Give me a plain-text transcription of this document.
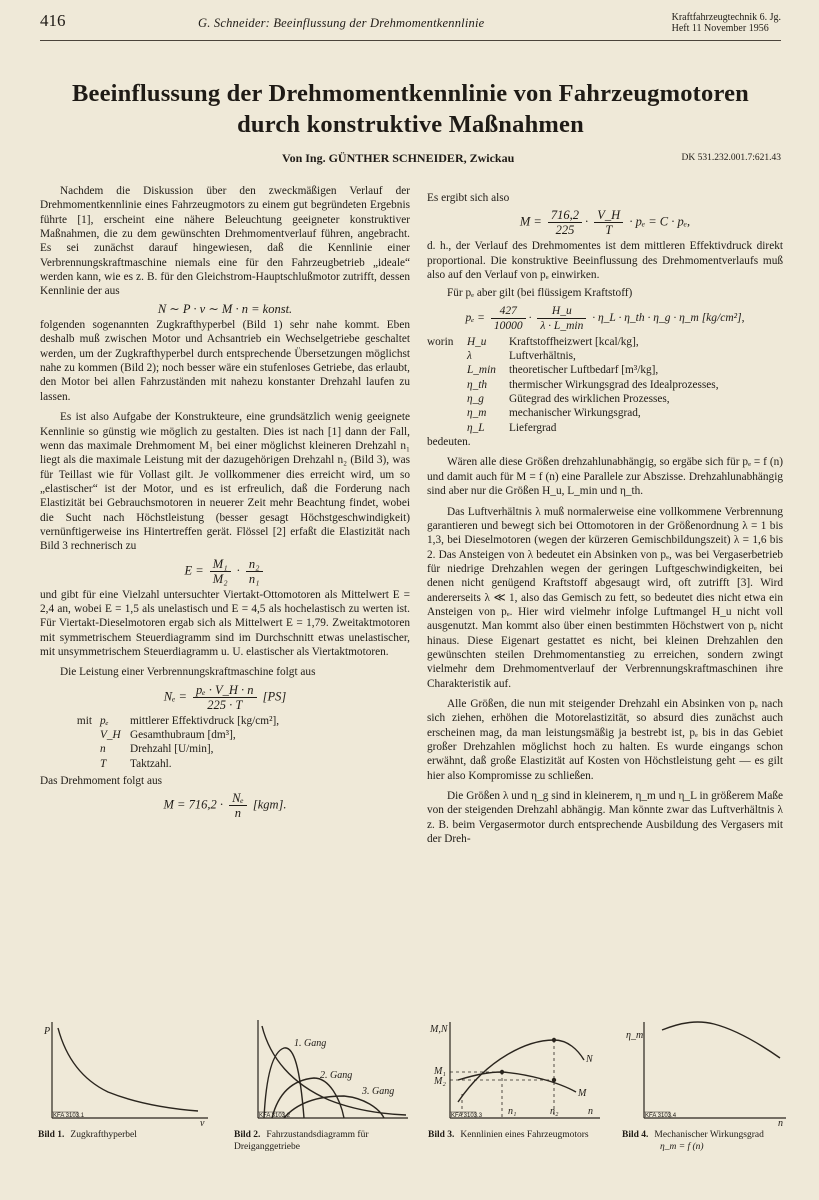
416	G. Schneider: Beeinflussung der Drehmomentkennlinie	Kraftfahrzeugtechnik 6. Jg.
Heft 11 November 1956
Beeinflussung der Drehmomentkennlinie von Fahrzeugmotoren
durch konstruktive Maßnahmen
Von Ing. GÜNTHER SCHNEIDER, Zwickau	DK 531.232.001.7:621.43

Nachdem die Diskussion über den zweckmäßigen Verlauf der Drehmomentkennlinie eines Fahrzeugmotors zu einem gut begründeten Ergebnis führte [1], erscheint eine nähere Beleuchtung geeigneter konstruktiver Maßnahmen, die zu dem gewünschten Drehmomentverlauf führen, angebracht. Es sei zunächst darauf hingewiesen, daß die Kennlinie einer Verbrennungskraftmaschine niemals eine für den Fahrzeugbetrieb „ideale“ werden kann, wie es z. B. für den Gleichstrom-Hauptschlußmotor zutrifft, dessen Kennlinie der aus

N ∼ P · v ∼ M · n = konst.

folgenden sogenannten Zugkrafthyperbel (Bild 1) sehr nahe kommt. Eben deshalb muß zwischen Motor und Achsantrieb ein Wechselgetriebe geschaltet werden, um der Zugkrafthyperbel durch entsprechende Übersetzungen möglichst nahe zu kommen (Bild 2); noch besser wäre ein stufenloses Getriebe, das erlaubt, den Motor bei allen Fahrzuständen mit nahezu konstanter Drehzahl laufen zu lassen.

Es ist also Aufgabe der Konstrukteure, eine grundsätzlich wenig geeignete Kennlinie so günstig wie möglich zu gestalten. Dies ist nach [1] dann der Fall, wenn das maximale Drehmoment M₁ bei einer möglichst kleineren Drehzahl n₁ liegt als die maximale Leistung mit der dazugehörigen Drehzahl n₂ (Bild 3), was für Teillast wie für Vollast gilt. Je vollkommener dies erreicht wird, um so „elastischer“ ist der Motor, und es ist erfreulich, daß die Forderung nach Elastizität bei Gebrauchsmotoren in neuerer Zeit mehr Beachtung findet, wobei die Sucht nach Höchstleistung (besser gesagt Höchstgeschwindigkeit) vernünftigerweise ins Hintertreffen gerät. Flössel [2] erfaßt die Elastizität nach Bild 3 rechnerisch zu

$E = \frac{\text{M₁}}{\text{M₂}} \cdot \frac{\text{n₂}}{\text{n₁}}$

und gibt für eine Vielzahl untersuchter Viertakt-Ottomotoren als Mittelwert E = 2,4 an, wobei E = 1,5 als unelastisch und E = 4,5 als hochelastisch zu werten ist. Für Viertakt-Dieselmotoren ergab sich als Mittelwert E = 1,79. Zweitaktmotoren mit symmetrischem Steuerdiagramm sind im Durchschnitt etwas unelastischer, mit unsymmetrischem Steuerdiagramm u. U. elastischer als Viertaktmotoren.

Die Leistung einer Verbrennungskraftmaschine folgt aus

$N_e = \frac{\text{pₑ · V\_H · n}}{225 \cdot T} [PS]$
mit pₑ	mittlerer Effektivdruck [kg/cm²],
V_H Gesamthubraum [dm³],
n	Drehzahl [U/min],
T	Taktzahl.

Das Drehmoment folgt aus

$M = 716,2 \cdot \frac{\text{Nₑ}}{n} [kgm]$.

Es ergibt sich also

$M = \frac{716,2}{225} \cdot \frac{V\_H}{T} \cdot p_e = C \cdot p_e$,

d. h., der Verlauf des Drehmomentes ist dem mittleren Effektivdruck direkt proportional. Die konstruktive Beeinflussung des Drehmomentverlaufs muß also auf den Verlauf von pₑ einwirken.

Für pₑ aber gilt (bei flüssigem Kraftstoff)

$p_e = \frac{427}{10000} \cdot \frac{H\_u}{\lambda \cdot L\_\min}$ · η_L · η_th · η_g · η_m [kg/cm²],
worin	H_u	Kraftstoffheizwert [kcal/kg],
λ	Luftverhältnis,
L_min	theoretischer Luftbedarf [m³/kg],
η_th	thermischer Wirkungsgrad des Idealprozesses,
η_g	Gütegrad des wirklichen Prozesses,
η_m	mechanischer Wirkungsgrad,
η_L	Liefergrad

bedeuten.

Wären alle diese Größen drehzahlunabhängig, so ergäbe sich für pₑ = f (n) und damit auch für M = f (n) eine Parallele zur Abszisse. Drehzahlunabhängig sind aber nur die Größen H_u, L_min und η_th.

Das Luftverhältnis λ muß normalerweise eine vollkommene Verbrennung garantieren und bewegt sich bei Ottomotoren in der Größenordnung λ = 1 bis 1,3, bei Dieselmotoren (wegen der kürzeren Gemischbildungszeit) λ = 1,6 bis 2. Das Ansteigen von λ bedeutet ein Absinken von pₑ, was bei Vergaserbetrieb für niedrige Drehzahlen wegen der geringen Luftgeschwindigkeiten, bei denen nicht genügend Kraftstoff abgesaugt wird, oft zutrifft [3]. Wird andererseits λ ≪ 1, also das Gemisch zu fett, so bedeutet dies nicht etwa ein Ansteigen von pₑ. Hier wird vielmehr infolge Luftmangel H_u nicht voll ausgenutzt. Man kommt also über einen bestimmten Höchstwert von pₑ nicht hinaus. Diese Eigenart gestattet es nicht, bei kleinen Drehzahlen den gewünschten steilen Drehmomentanstieg zu erreichen, sondern zwingt vielmehr dem Drehmomentverlauf der Verbrennungskraftmaschinen ihre Charakteristik auf.

Alle Größen, die nun mit steigender Drehzahl ein Absinken von pₑ nach sich ziehen, erhöhen die Motorelastizität, so absurd dies zunächst auch erscheinen mag, da man leistungsmäßig ja bestrebt ist, pₑ bis in das Gebiet großer Drehzahlen möglichst hoch zu halten. Es wurde eingangs schon erwähnt, daß große Elastizität auf Kosten von Höchstleistung geht — es gilt hier also Kompromisse zu schließen.

Die Größen λ und η_g sind in kleinerem, η_m und η_L in größerem Maße von der steigenden Drehzahl abhängig. Man könnte zwar das Luftverhältnis λ z. B. beim Vergasermotor durch entsprechende Ausbildung des Vergasers mit der Dreh-

P
v
KFA 3103.1
Bild 1. Zugkrafthyperbel
1. Gang
2. Gang
3. Gang
KFA 3103.2
Bild 2. Fahrzustandsdiagramm für Dreiganggetriebe
M,N
M₁
M₂
n₁	n₂	n
N
M
KFA 3103.3
Bild 3. Kennlinien eines Fahrzeugmotors
η_m
n
KFA 3103.4
Bild 4. Mechanischer Wirkungsgrad
η_m = f (n)
